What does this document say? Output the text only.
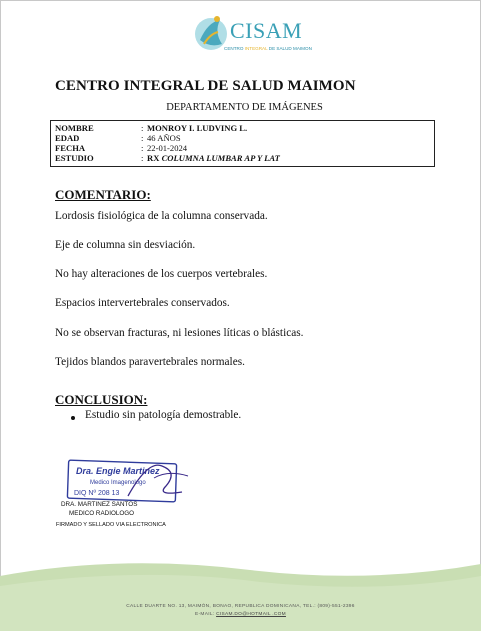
CISAM
CENTRO INTEGRAL DE SALUD MAIMON
CENTRO INTEGRAL DE SALUD MAIMON
DEPARTAMENTO DE IMÁGENES
NOMBRE	: MONROY I. LUDVING L.
EDAD	: 46 AÑOS
FECHA	: 22-01-2024
ESTUDIO	: RX COLUMNA LUMBAR AP Y LAT
COMENTARIO:
Lordosis fisiológica de la columna conservada.
Eje de columna sin desviación.
No hay alteraciones de los cuerpos vertebrales.
Espacios intervertebrales conservados.
No se observan fracturas, ni lesiones líticas o blásticas.
Tejidos blandos paravertebrales normales.
CONCLUSION:
Estudio sin patología demostrable.
Dra. Engie Martinez
Medico Imagenologo
DIQ Nº 208 13
DRA. MARTINEZ SANTOS
MEDICO RADIOLOGO
FIRMADO Y SELLADO VIA ELECTRONICA
CALLE DUARTE NO. 13, MAIMÓN, BONAO, REPUBLICA DOMINICANA, TEL.: (809)-551-2396
E-MAIL: CISAM.DO@HOTMAIL .COM
